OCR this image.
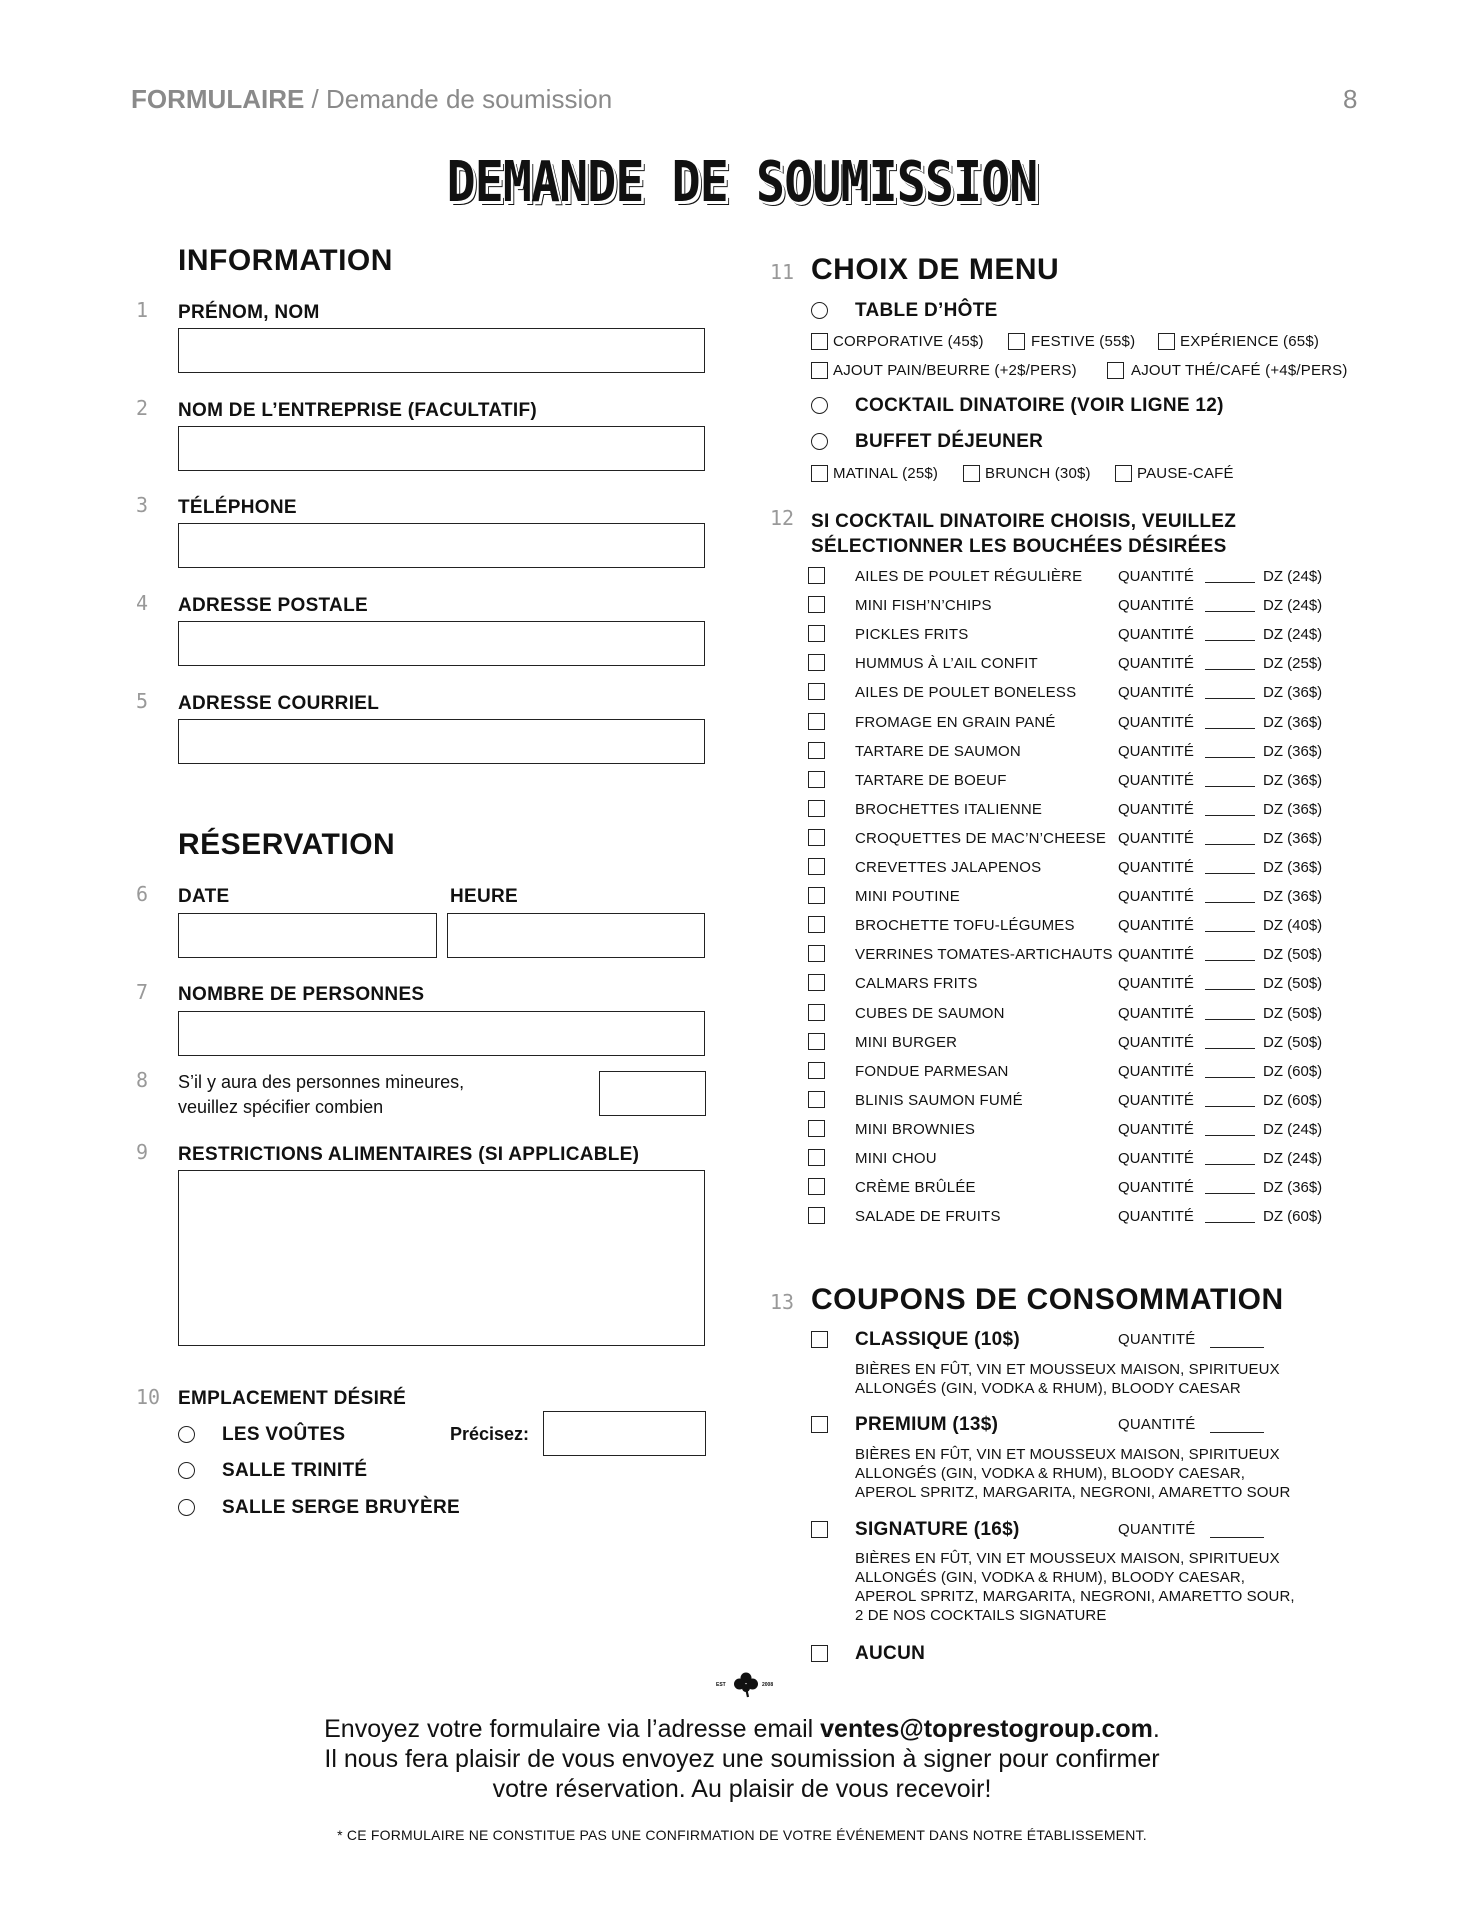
FORMULAIRE / Demande de soumission	8
DEMANDE DE SOUMISSION
INFORMATION
1 PRÉNOM, NOM
2 NOM DE L’ENTREPRISE (FACULTATIF)
3 TÉLÉPHONE
4 ADRESSE POSTALE
5 ADRESSE COURRIEL
RÉSERVATION
6 DATE	HEURE
7 NOMBRE DE PERSONNES
8 S’il y aura des personnes mineures,
veuillez spécifier combien
9 RESTRICTIONS ALIMENTAIRES (SI APPLICABLE)
10 EMPLACEMENT DÉSIRÉ
LES VOÛTES	Précisez:
SALLE TRINITÉ
SALLE SERGE BRUYÈRE
11 CHOIX DE MENU
TABLE D’HÔTE
CORPORATIVE (45$)	FESTIVE (55$)	EXPÉRIENCE (65$)
AJOUT PAIN/BEURRE (+2$/PERS)	AJOUT THÉ/CAFÉ (+4$/PERS)
COCKTAIL DINATOIRE (VOIR LIGNE 12)
BUFFET DÉJEUNER
MATINAL (25$)	BRUNCH (30$)	PAUSE-CAFÉ
12 SI COCKTAIL DINATOIRE CHOISIS, VEUILLEZ
SÉLECTIONNER LES BOUCHÉES DÉSIRÉES
AILES DE POULET RÉGULIÈRE QUANTITÉ	DZ (24$)
MINI FISH’N’CHIPS	QUANTITÉ	DZ (24$)
PICKLES FRITS	QUANTITÉ	DZ (24$)
HUMMUS À L’AIL CONFIT	QUANTITÉ	DZ (25$)
AILES DE POULET BONELESS	QUANTITÉ	DZ (36$)
FROMAGE EN GRAIN PANÉ	QUANTITÉ	DZ (36$)
TARTARE DE SAUMON	QUANTITÉ	DZ (36$)
TARTARE DE BOEUF	QUANTITÉ	DZ (36$)
BROCHETTES ITALIENNE	QUANTITÉ	DZ (36$)
CROQUETTES DE MAC’N’CHEESE QUANTITÉ	DZ (36$)
CREVETTES JALAPENOS	QUANTITÉ	DZ (36$)
MINI POUTINE	QUANTITÉ	DZ (36$)
BROCHETTE TOFU-LÉGUMES	QUANTITÉ	DZ (40$)
VERRINES TOMATES-ARTICHAUTS QUANTITÉ	DZ (50$)
CALMARS FRITS	QUANTITÉ	DZ (50$)
CUBES DE SAUMON	QUANTITÉ	DZ (50$)
MINI BURGER	QUANTITÉ	DZ (50$)
FONDUE PARMESAN	QUANTITÉ	DZ (60$)
BLINIS SAUMON FUMÉ	QUANTITÉ	DZ (60$)
MINI BROWNIES	QUANTITÉ	DZ (24$)
MINI CHOU	QUANTITÉ	DZ (24$)
CRÈME BRÛLÉE	QUANTITÉ	DZ (36$)
SALADE DE FRUITS	QUANTITÉ	DZ (60$)
13 COUPONS DE CONSOMMATION
CLASSIQUE (10$)	QUANTITÉ
BIÈRES EN FÛT, VIN ET MOUSSEUX MAISON, SPIRITUEUX
ALLONGÉS (GIN, VODKA & RHUM), BLOODY CAESAR
PREMIUM (13$)	QUANTITÉ
BIÈRES EN FÛT, VIN ET MOUSSEUX MAISON, SPIRITUEUX
ALLONGÉS (GIN, VODKA & RHUM), BLOODY CAESAR,
APEROL SPRITZ, MARGARITA, NEGRONI, AMARETTO SOUR
SIGNATURE (16$)	QUANTITÉ
BIÈRES EN FÛT, VIN ET MOUSSEUX MAISON, SPIRITUEUX
ALLONGÉS (GIN, VODKA & RHUM), BLOODY CAESAR,
APEROL SPRITZ, MARGARITA, NEGRONI, AMARETTO SOUR,
2 DE NOS COCKTAILS SIGNATURE
AUCUN
EST	2008
Envoyez votre formulaire via l’adresse email ventes@toprestogroup.com.
Il nous fera plaisir de vous envoyez une soumission à signer pour confirmer
votre réservation. Au plaisir de vous recevoir!
* CE FORMULAIRE NE CONSTITUE PAS UNE CONFIRMATION DE VOTRE ÉVÉNEMENT DANS NOTRE ÉTABLISSEMENT.
